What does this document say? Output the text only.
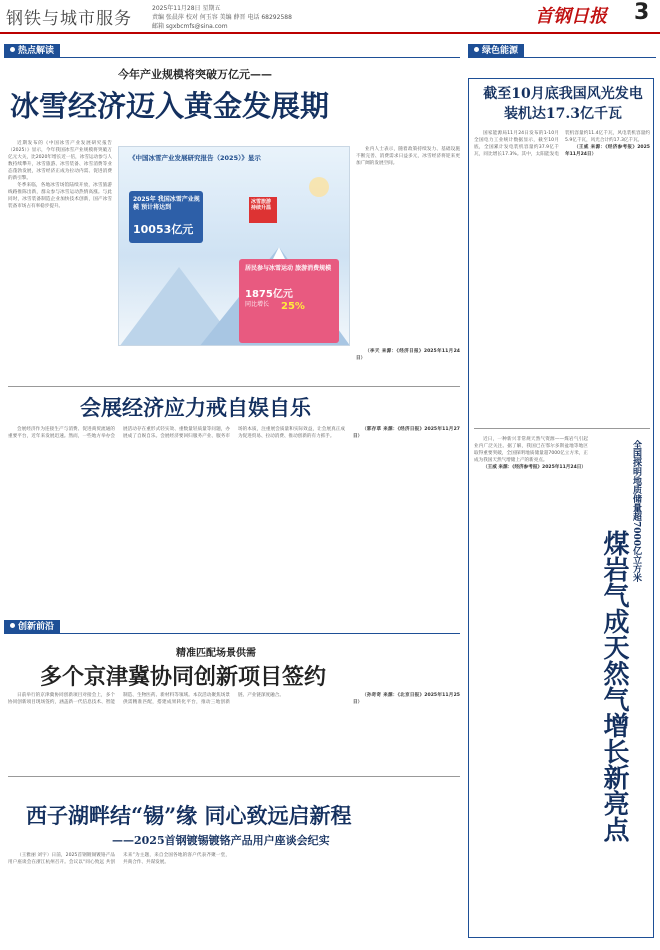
钢铁与城市服务
2025年11月28日 星期五
责编 张晨萍 校对 何玉容 美编 薛晋 电话 68292588
邮箱 sgxbcmfs@sina.com	首钢日报 3
热点解读
今年产业规模将突破万亿元——
冰雪经济迈入黄金发展期

近期发布的《中国冰雪产业发展研究报告（2025）》显示，今年我国冰雪产业规模将突破万亿元大关，比2020年增长近一倍，冰雪运动参与人数持续攀升，冰雪旅游、冰雪装备、冰雪消费等业态蓬勃发展，冰雪经济正成为拉动内需、促进消费的新引擎。

冬季来临，各地冰雪场馆陆续开放，冰雪旅游线路推陈出新，群众参与冰雪运动热情高涨。与此同时，冰雪装备制造企业加快技术创新，国产冰雪装备市场占有率稳步提升。

《中国冰雪产业发展研究报告（2025）》显示
2025年 我国冰雪产业规模 预计将达到
10053亿元
冰雪旅游 持续升温
居民参与冰雪运动 旅游消费规模
1875亿元
同比增长 25%

业内人士表示，随着政策持续发力、基础设施不断完善、消费需求日益多元，冰雪经济将迎来更加广阔的发展空间。

（李天 来源：《经济日报》2025年11月24日）

会展经济应力戒自娱自乐

会展经济作为连接生产与消费、促进商贸流通的重要平台，近年来发展迅速。然而，一些地方举办会展活动存在重形式轻实效、重数量轻质量等问题，办展成了自娱自乐。会展经济要回归服务产业、服务市场的本质，注重展会质量和实际效益，让会展真正成为促进贸易、拉动消费、推动创新的有力抓手。

（郭存草 来源：《经济日报》2025年11月27日）

创新前沿
精准匹配场景供需
多个京津冀协同创新项目签约

日前举行的京津冀协同创新项目对接会上，多个协同创新项目现场签约，涵盖新一代信息技术、智能制造、生物医药、新材料等领域。本次活动聚焦场景供需精准匹配，搭建成果转化平台，推动三地创新链、产业链深度融合。	（孙奇奇 来源：《北京日报》2025年11月25日）

西子湖畔结“锡”缘 同心致远启新程
——2025首钢镀锡镀铬产品用户座谈会纪实

（王雅丽 刘宇）日前，2025首钢镀锡镀铬产品用户座谈会在浙江杭州召开。会议以“同心致远 共创未来”为主题，来自全国各地的客户代表齐聚一堂，共商合作、共谋发展。

绿色能源
截至10月底我国风光发电装机达17.3亿千瓦

国家能源局11月24日发布的1-10月全国电力工业统计数据显示，截至10月底，全国累计发电装机容量约37.9亿千瓦，同比增长17.3%。其中，太阳能发电装机容量约11.4亿千瓦，风电装机容量约5.9亿千瓦，风光合计约17.3亿千瓦。

（王威 来源：《经济参考报》2025年11月24日）

全国探明地质储量超7000亿立方米
煤岩气成天然气增长新亮点

近日，一种新兴非常规天然气资源——煤岩气引起业内广泛关注。据了解，我国已在鄂尔多斯盆地等地区取得重要突破，全国探明地质储量超7000亿立方米，正成为我国天然气增储上产的新亮点。

（王威 来源：《经济参考报》2025年11月24日）
